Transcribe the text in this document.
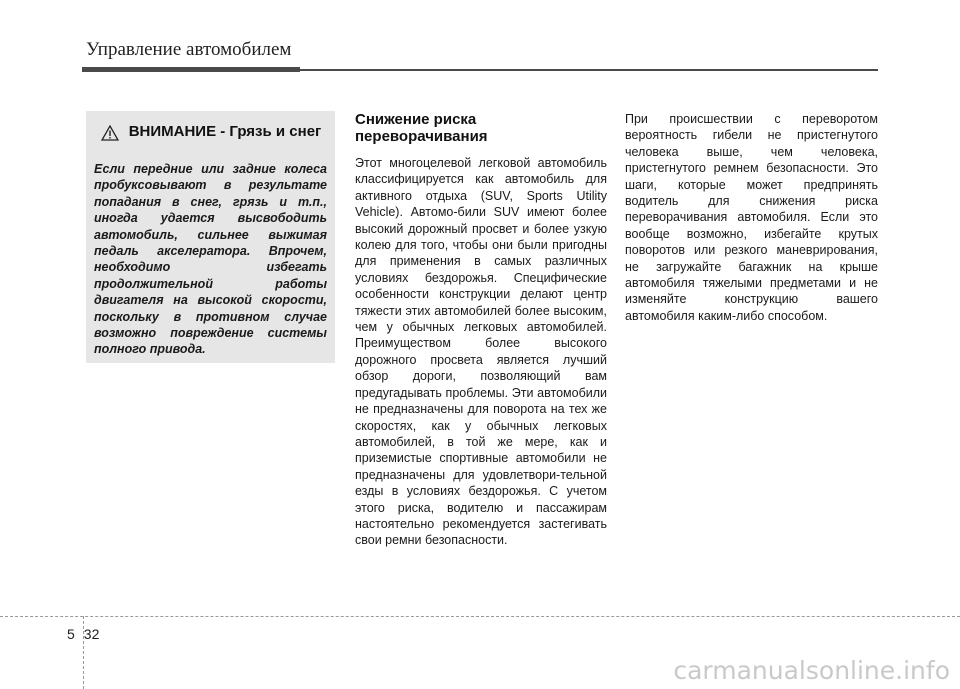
Управление автомобилем
ВНИМАНИЕ - Грязь и снег

Если передние или задние колеса пробуксовывают в результате попадания в снег, грязь и т.п., иногда удается высвободить автомобиль, сильнее выжимая педаль акселератора. Впрочем, необходимо избегать продолжительной работы двигателя на высокой скорости, поскольку в противном случае возможно повреждение системы полного привода.

Снижение риска переворачивания

Этот многоцелевой легковой автомобиль классифицируется как автомобиль для активного отдыха (SUV, Sports Utility Vehicle). Автомо-били SUV имеют более высокий дорожный просвет и более узкую колею для того, чтобы они были пригодны для применения в самых различных условиях бездорожья. Специфические особенности конструкции делают центр тяжести этих автомобилей более высоким, чем у обычных легковых автомобилей. Преимуществом более высокого дорожного просвета является лучший обзор дороги, позволяющий вам предугадывать проблемы. Эти автомобили не предназначены для поворота на тех же скоростях, как у обычных легковых автомобилей, в той же мере, как и приземистые спортивные автомобили не предназначены для удовлетвори-тельной езды в условиях бездорожья. С учетом этого риска, водителю и пассажирам настоятельно рекомендуется застегивать свои ремни безопасности.

При происшествии с переворотом вероятность гибели не пристегнутого человека выше, чем человека, пристегнутого ремнем безопасности. Это шаги, которые может предпринять водитель для снижения риска переворачивания автомобиля. Если это вообще возможно, избегайте крутых поворотов или резкого маневрирования, не загружайте багажник на крыше автомобиля тяжелыми предметами и не изменяйте конструкцию вашего автомобиля каким-либо способом.

5 32
carmanualsonline.info
